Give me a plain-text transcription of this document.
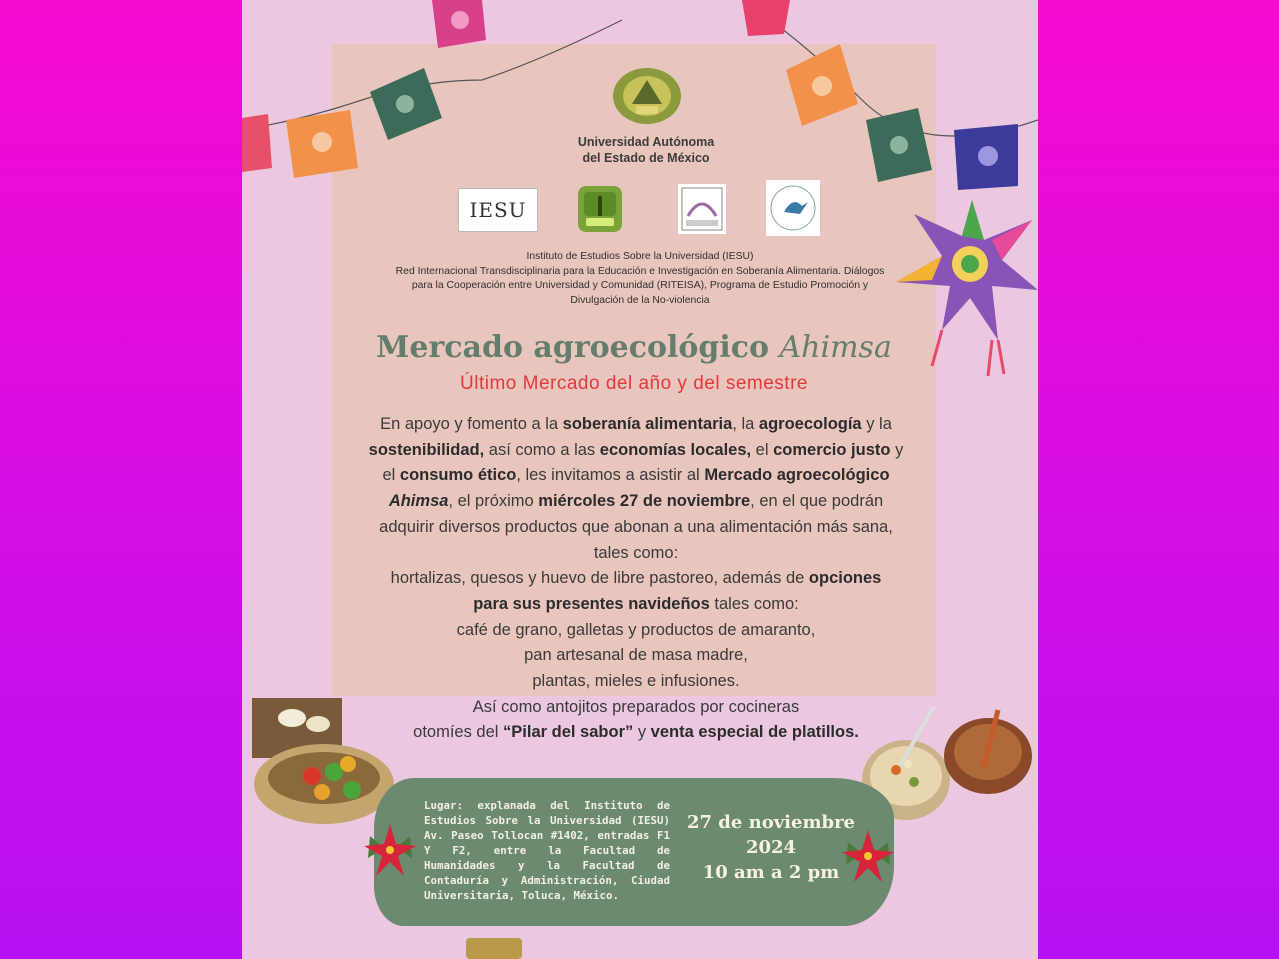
Universidad Autónoma
del Estado de México
IESU
Instituto de Estudios Sobre la Universidad (IESU)
Red Internacional Transdisciplinaria para la Educación e Investigación en Soberanía Alimentaria. Diálogos
para la Cooperación entre Universidad y Comunidad (RITEISA), Programa de Estudio Promoción y
Divulgación de la No-violencia
Mercado agroecológico Ahimsa
Último Mercado del año y del semestre
En apoyo y fomento a la soberanía alimentaria, la agroecología y la
sostenibilidad, así como a las economías locales, el comercio justo y
el consumo ético, les invitamos a asistir al Mercado agroecológico
Ahimsa, el próximo miércoles 27 de noviembre, en el que podrán
adquirir diversos productos que abonan a una alimentación más sana,
tales como:
hortalizas, quesos y huevo de libre pastoreo, además de opciones
para sus presentes navideños tales como:
café de grano, galletas y productos de amaranto,
pan artesanal de masa madre,
plantas, mieles e infusiones.
Así como antojitos preparados por cocineras
otomíes del “Pilar del sabor” y venta especial de platillos.
Lugar: explanada del Instituto de Estudios Sobre la Universidad (IESU) Av. Paseo Tollocan #1402, entradas F1 Y F2, entre la Facultad de Humanidades y la Facultad de Contaduría y Administración, Ciudad Universitaria, Toluca, México.
27 de noviembre
2024
10 am a 2 pm
